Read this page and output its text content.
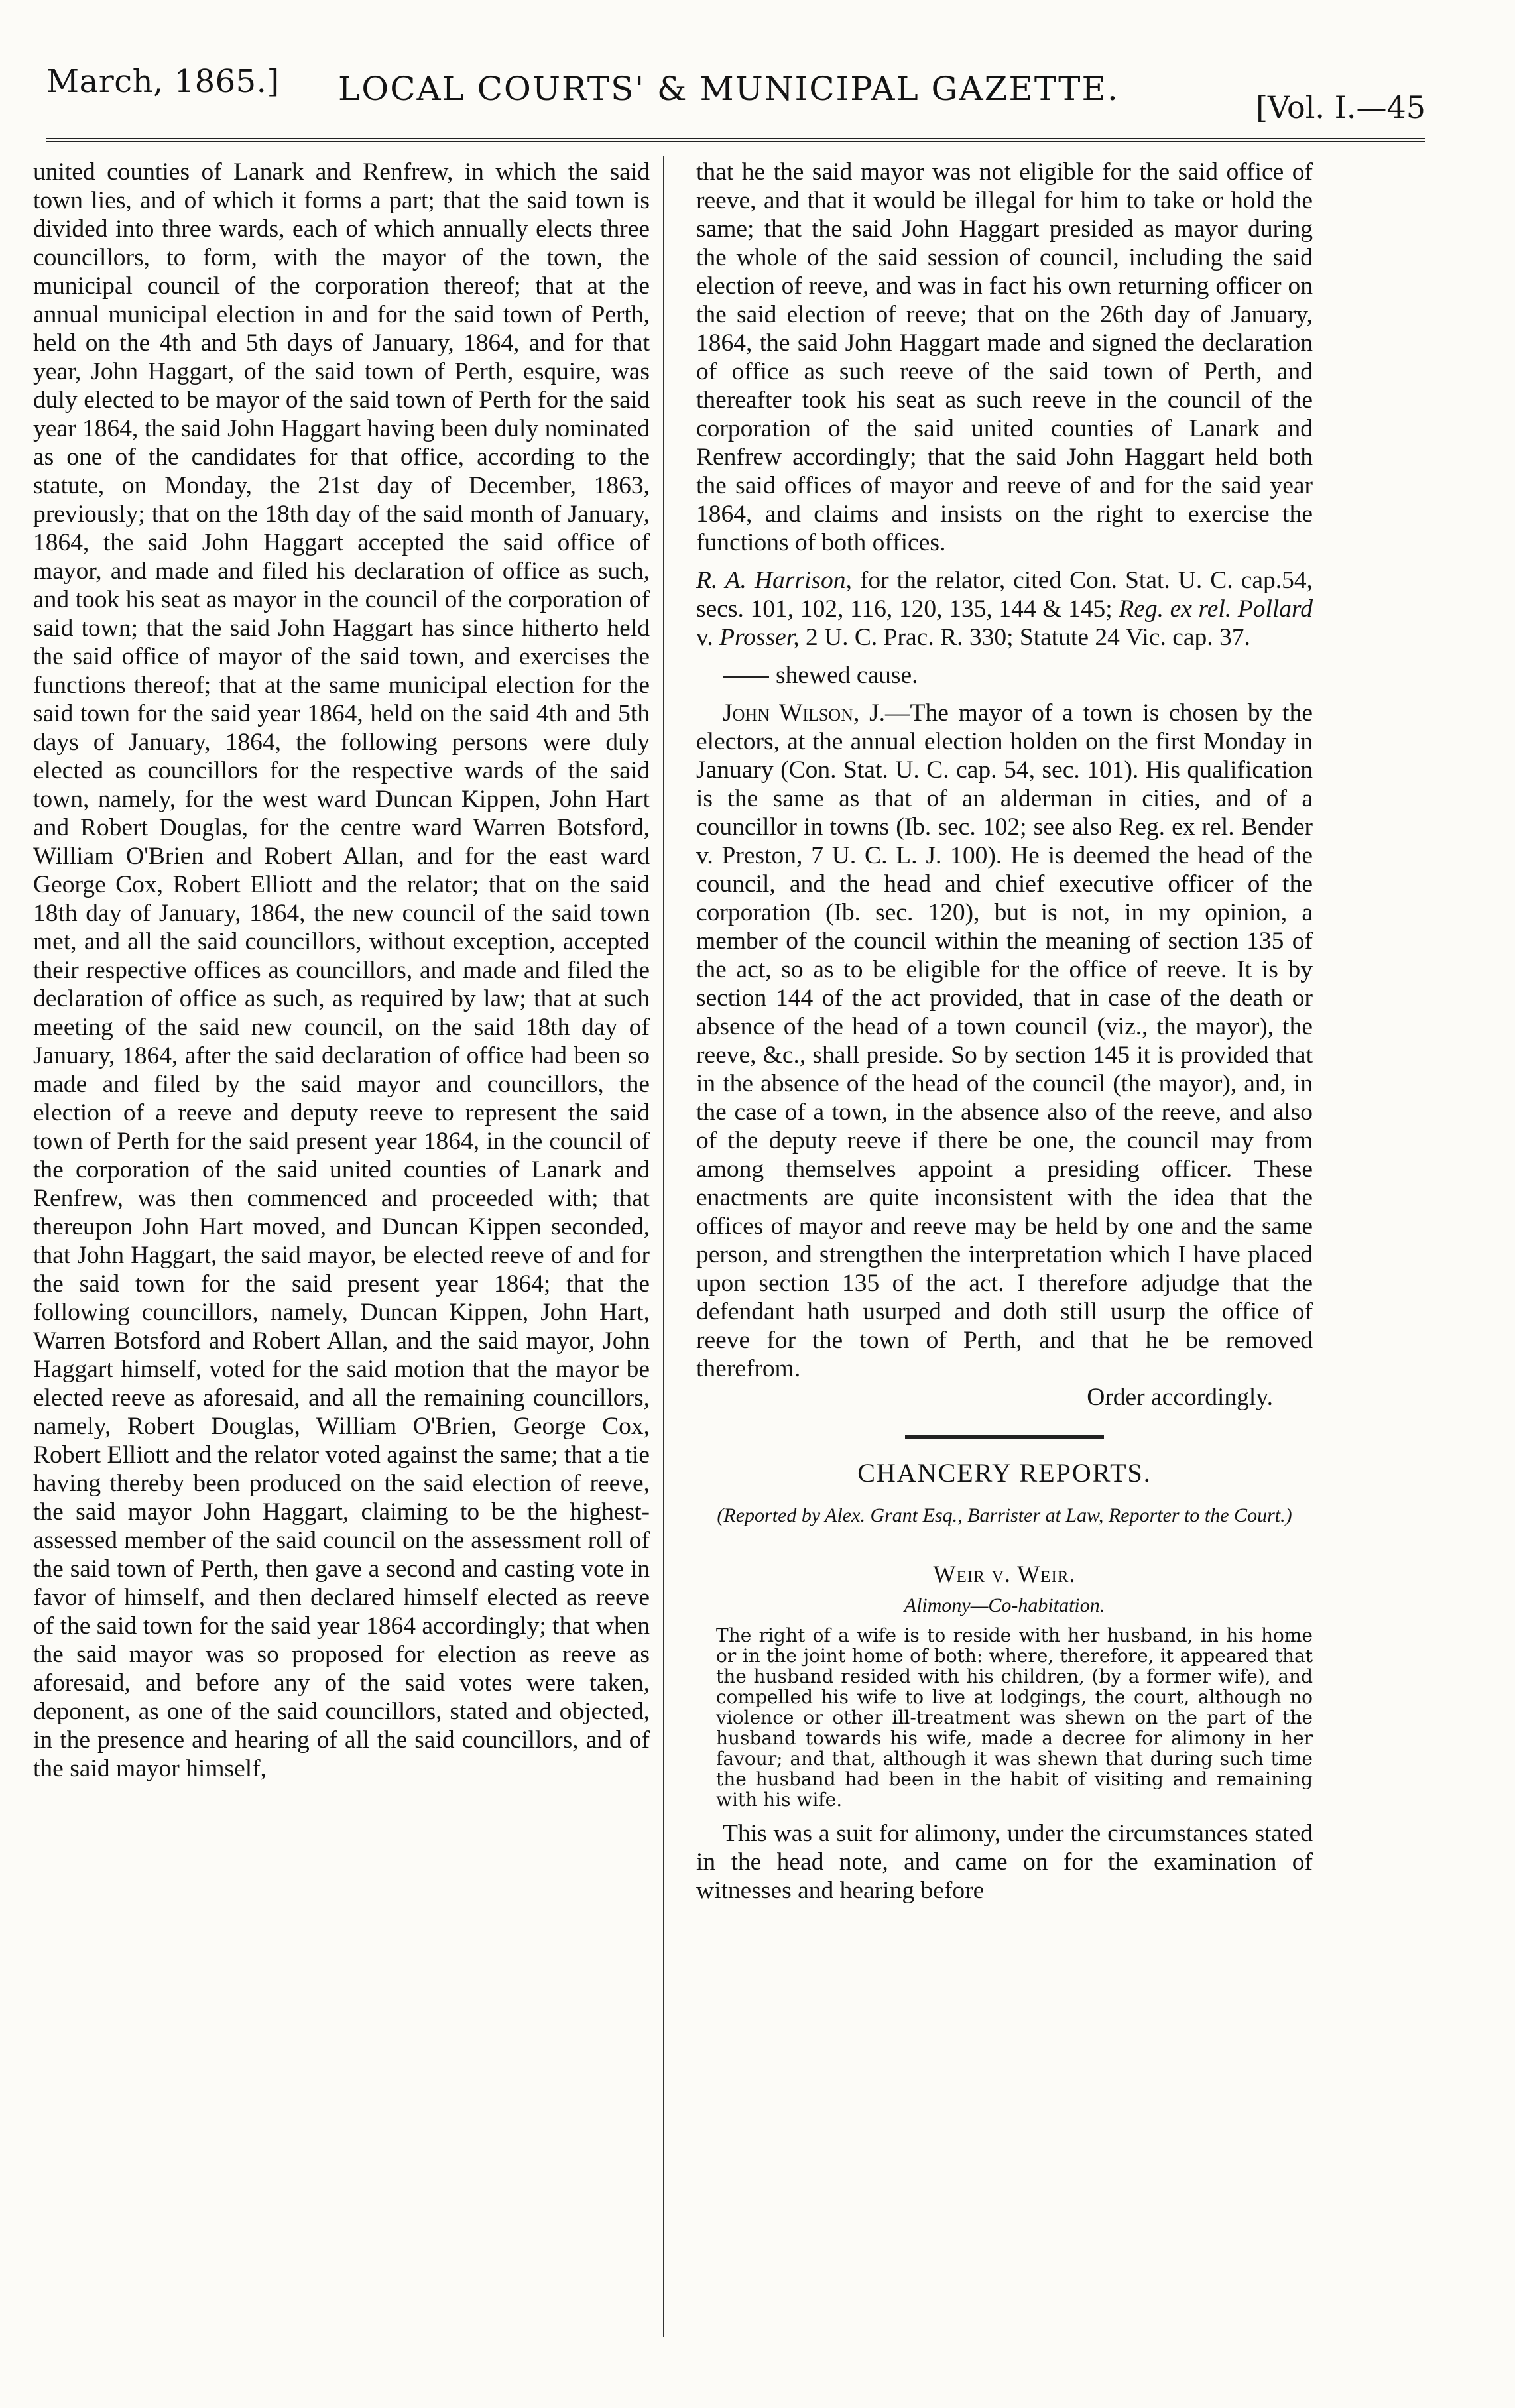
March, 1865.] LOCAL COURTS' & MUNICIPAL GAZETTE.	[Vol. I.—45

united counties of Lanark and Renfrew, in which the said town lies, and of which it forms a part; that the said town is divided into three wards, each of which annually elects three councillors, to form, with the mayor of the town, the municipal council of the corporation thereof; that at the annual municipal election in and for the said town of Perth, held on the 4th and 5th days of January, 1864, and for that year, John Haggart, of the said town of Perth, esquire, was duly elected to be mayor of the said town of Perth for the said year 1864, the said John Haggart having been duly nominated as one of the candidates for that office, according to the statute, on Monday, the 21st day of December, 1863, previously; that on the 18th day of the said month of January, 1864, the said John Haggart accepted the said office of mayor, and made and filed his declaration of office as such, and took his seat as mayor in the council of the corporation of said town; that the said John Haggart has since hitherto held the said office of mayor of the said town, and exercises the functions thereof; that at the same municipal election for the said town for the said year 1864, held on the said 4th and 5th days of January, 1864, the following persons were duly elected as councillors for the respective wards of the said town, namely, for the west ward Duncan Kippen, John Hart and Robert Douglas, for the centre ward Warren Botsford, William O'Brien and Robert Allan, and for the east ward George Cox, Robert Elliott and the relator; that on the said 18th day of January, 1864, the new council of the said town met, and all the said councillors, without exception, accepted their respective offices as councillors, and made and filed the declaration of office as such, as required by law; that at such meeting of the said new council, on the said 18th day of January, 1864, after the said declaration of office had been so made and filed by the said mayor and councillors, the election of a reeve and deputy reeve to represent the said town of Perth for the said present year 1864, in the council of the corporation of the said united counties of Lanark and Renfrew, was then commenced and proceeded with; that thereupon John Hart moved, and Duncan Kippen seconded, that John Haggart, the said mayor, be elected reeve of and for the said town for the said present year 1864; that the following councillors, namely, Duncan Kippen, John Hart, Warren Botsford and Robert Allan, and the said mayor, John Haggart himself, voted for the said motion that the mayor be elected reeve as aforesaid, and all the remaining councillors, namely, Robert Douglas, William O'Brien, George Cox, Robert Elliott and the relator voted against the same; that a tie having thereby been produced on the said election of reeve, the said mayor John Haggart, claiming to be the highest-assessed member of the said council on the assessment roll of the said town of Perth, then gave a second and casting vote in favor of himself, and then declared himself elected as reeve of the said town for the said year 1864 accordingly; that when the said mayor was so proposed for election as reeve as aforesaid, and before any of the said votes were taken, deponent, as one of the said councillors, stated and objected, in the presence and hearing of all the said councillors, and of the said mayor himself,

that he the said mayor was not eligible for the said office of reeve, and that it would be illegal for him to take or hold the same; that the said John Haggart presided as mayor during the whole of the said session of council, including the said election of reeve, and was in fact his own returning officer on the said election of reeve; that on the 26th day of January, 1864, the said John Haggart made and signed the declaration of office as such reeve of the said town of Perth, and thereafter took his seat as such reeve in the council of the corporation of the said united counties of Lanark and Renfrew accordingly; that the said John Haggart held both the said offices of mayor and reeve of and for the said year 1864, and claims and insists on the right to exercise the functions of both offices.

R. A. Harrison, for the relator, cited Con. Stat. U. C. cap.54, secs. 101, 102, 116, 120, 135, 144 & 145; Reg. ex rel. Pollard v. Prosser, 2 U. C. Prac. R. 330; Statute 24 Vic. cap. 37.

shewed cause.

John Wilson, J.—The mayor of a town is chosen by the electors, at the annual election holden on the first Monday in January (Con. Stat. U. C. cap. 54, sec. 101). His qualification is the same as that of an alderman in cities, and of a councillor in towns (Ib. sec. 102; see also Reg. ex rel. Bender v. Preston, 7 U. C. L. J. 100). He is deemed the head of the council, and the head and chief executive officer of the corporation (Ib. sec. 120), but is not, in my opinion, a member of the council within the meaning of section 135 of the act, so as to be eligible for the office of reeve. It is by section 144 of the act provided, that in case of the death or absence of the head of a town council (viz., the mayor), the reeve, &c., shall preside. So by section 145 it is provided that in the absence of the head of the council (the mayor), and, in the case of a town, in the absence also of the reeve, and also of the deputy reeve if there be one, the council may from among themselves appoint a presiding officer. These enactments are quite inconsistent with the idea that the offices of mayor and reeve may be held by one and the same person, and strengthen the interpretation which I have placed upon section 135 of the act. I therefore adjudge that the defendant hath usurped and doth still usurp the office of reeve for the town of Perth, and that he be removed therefrom.

Order accordingly.

CHANCERY REPORTS.

(Reported by Alex. Grant Esq., Barrister at Law, Reporter to the Court.)

Weir v. Weir.

Alimony—Co-habitation.

The right of a wife is to reside with her husband, in his home or in the joint home of both: where, therefore, it appeared that the husband resided with his children, (by a former wife), and compelled his wife to live at lodgings, the court, although no violence or other ill-treatment was shewn on the part of the husband towards his wife, made a decree for alimony in her favour; and that, although it was shewn that during such time the husband had been in the habit of visiting and remaining with his wife.

This was a suit for alimony, under the circumstances stated in the head note, and came on for the examination of witnesses and hearing before
